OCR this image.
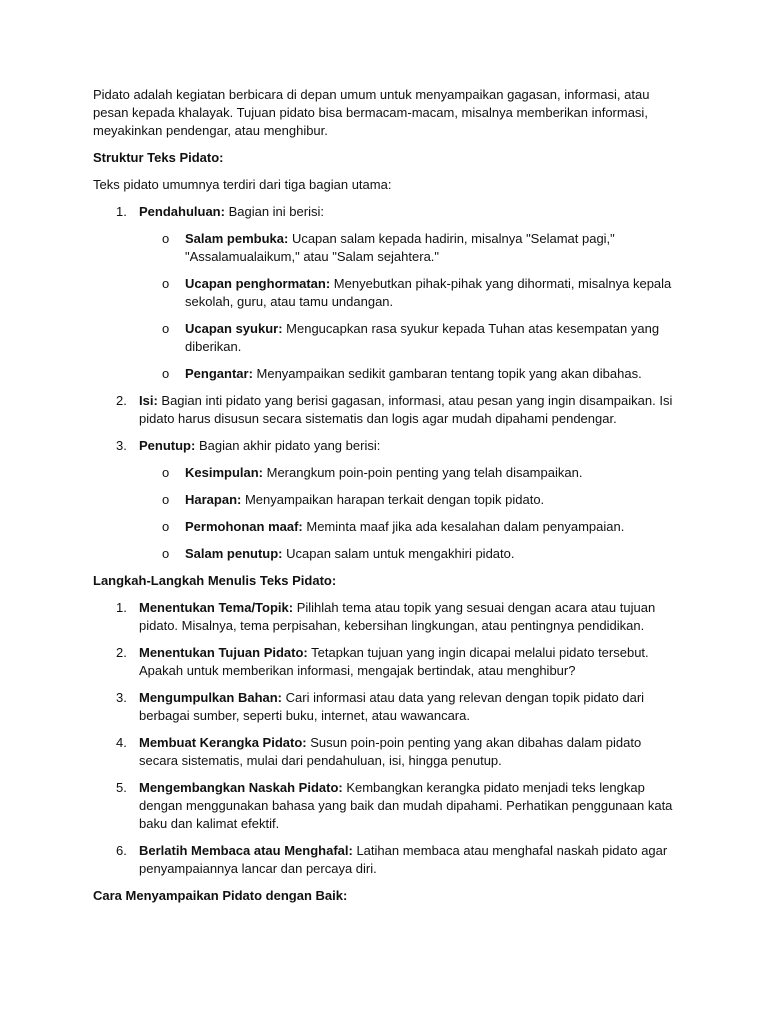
Pidato adalah kegiatan berbicara di depan umum untuk menyampaikan gagasan, informasi, atau pesan kepada khalayak. Tujuan pidato bisa bermacam-macam, misalnya memberikan informasi, meyakinkan pendengar, atau menghibur.

Struktur Teks Pidato:

Teks pidato umumnya terdiri dari tiga bagian utama:

1. Pendahuluan: Bagian ini berisi:
o Salam pembuka: Ucapan salam kepada hadirin, misalnya "Selamat pagi," "Assalamualaikum," atau "Salam sejahtera."
o Ucapan penghormatan: Menyebutkan pihak-pihak yang dihormati, misalnya kepala sekolah, guru, atau tamu undangan.
o Ucapan syukur: Mengucapkan rasa syukur kepada Tuhan atas kesempatan yang diberikan.
o Pengantar: Menyampaikan sedikit gambaran tentang topik yang akan dibahas.
2. Isi: Bagian inti pidato yang berisi gagasan, informasi, atau pesan yang ingin disampaikan. Isi pidato harus disusun secara sistematis dan logis agar mudah dipahami pendengar.
3. Penutup: Bagian akhir pidato yang berisi:
o Kesimpulan: Merangkum poin-poin penting yang telah disampaikan.
o Harapan: Menyampaikan harapan terkait dengan topik pidato.
o Permohonan maaf: Meminta maaf jika ada kesalahan dalam penyampaian.
o Salam penutup: Ucapan salam untuk mengakhiri pidato.

Langkah-Langkah Menulis Teks Pidato:

1. Menentukan Tema/Topik: Pilihlah tema atau topik yang sesuai dengan acara atau tujuan pidato. Misalnya, tema perpisahan, kebersihan lingkungan, atau pentingnya pendidikan.
2. Menentukan Tujuan Pidato: Tetapkan tujuan yang ingin dicapai melalui pidato tersebut. Apakah untuk memberikan informasi, mengajak bertindak, atau menghibur?
3. Mengumpulkan Bahan: Cari informasi atau data yang relevan dengan topik pidato dari berbagai sumber, seperti buku, internet, atau wawancara.
4. Membuat Kerangka Pidato: Susun poin-poin penting yang akan dibahas dalam pidato secara sistematis, mulai dari pendahuluan, isi, hingga penutup.
5. Mengembangkan Naskah Pidato: Kembangkan kerangka pidato menjadi teks lengkap dengan menggunakan bahasa yang baik dan mudah dipahami. Perhatikan penggunaan kata baku dan kalimat efektif.
6. Berlatih Membaca atau Menghafal: Latihan membaca atau menghafal naskah pidato agar penyampaiannya lancar dan percaya diri.

Cara Menyampaikan Pidato dengan Baik:
